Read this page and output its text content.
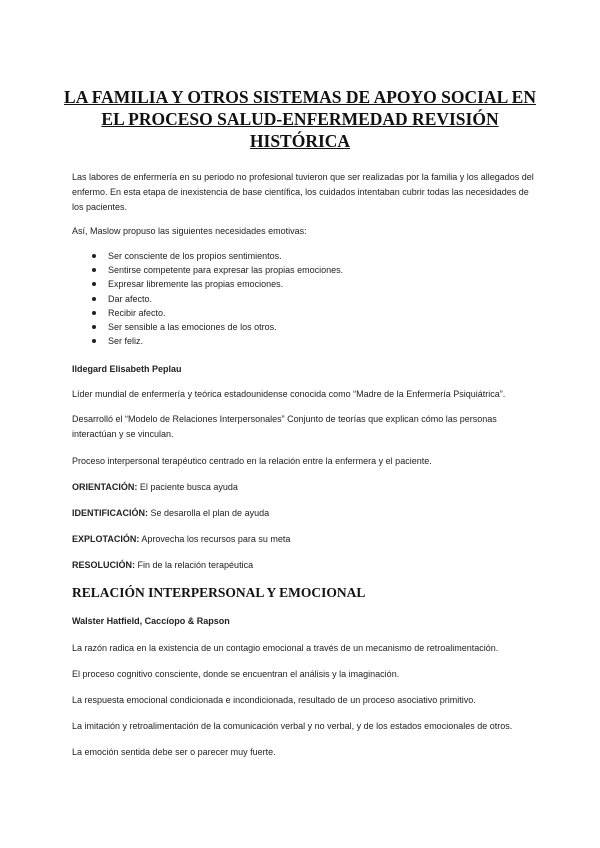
LA FAMILIA Y OTROS SISTEMAS DE APOYO SOCIAL EN EL PROCESO SALUD-ENFERMEDAD REVISIÓN HISTÓRICA
Las labores de enfermería en su periodo no profesional tuvieron que ser realizadas por la familia y los allegados del enfermo. En esta etapa de inexistencia de base científica, los cuidados intentaban cubrir todas las necesidades de los pacientes.
Así, Maslow propuso las siguientes necesidades emotivas:
Ser consciente de los propios sentimientos.
Sentirse competente para expresar las propias emociones.
Expresar libremente las propias emociones.
Dar afecto.
Recibir afecto.
Ser sensible a las emociones de los otros.
Ser feliz.
Ildegard Elisabeth Peplau
Líder mundial de enfermería y teórica estadounidense conocida como “Madre de la Enfermería Psiquiátrica”.
Desarrolló el “Modelo de Relaciones Interpersonales” Conjunto de teorías que explican cómo las personas interactúan y se vinculan.
Proceso interpersonal terapéutico centrado en la relación entre la enfermera y el paciente.
ORIENTACIÓN: El paciente busca ayuda
IDENTIFICACIÓN: Se desarolla el plan de ayuda
EXPLOTACIÓN: Aprovecha los recursos para su meta
RESOLUCIÓN: Fin de la relación terapéutica
RELACIÓN INTERPERSONAL Y EMOCIONAL
Walster Hatfield, Caccíopo & Rapson
La razón radica en la existencia de un contagio emocional a través de un mecanismo de retroalimentación.
El proceso cognitivo consciente, donde se encuentran el análisis y la imaginación.
La respuesta emocional condicionada e incondicionada, resultado de un proceso asociativo primitivo.
La imitación y retroalimentación de la comunicación verbal y no verbal, y de los estados emocionales de otros.
La emoción sentida debe ser o parecer muy fuerte.
